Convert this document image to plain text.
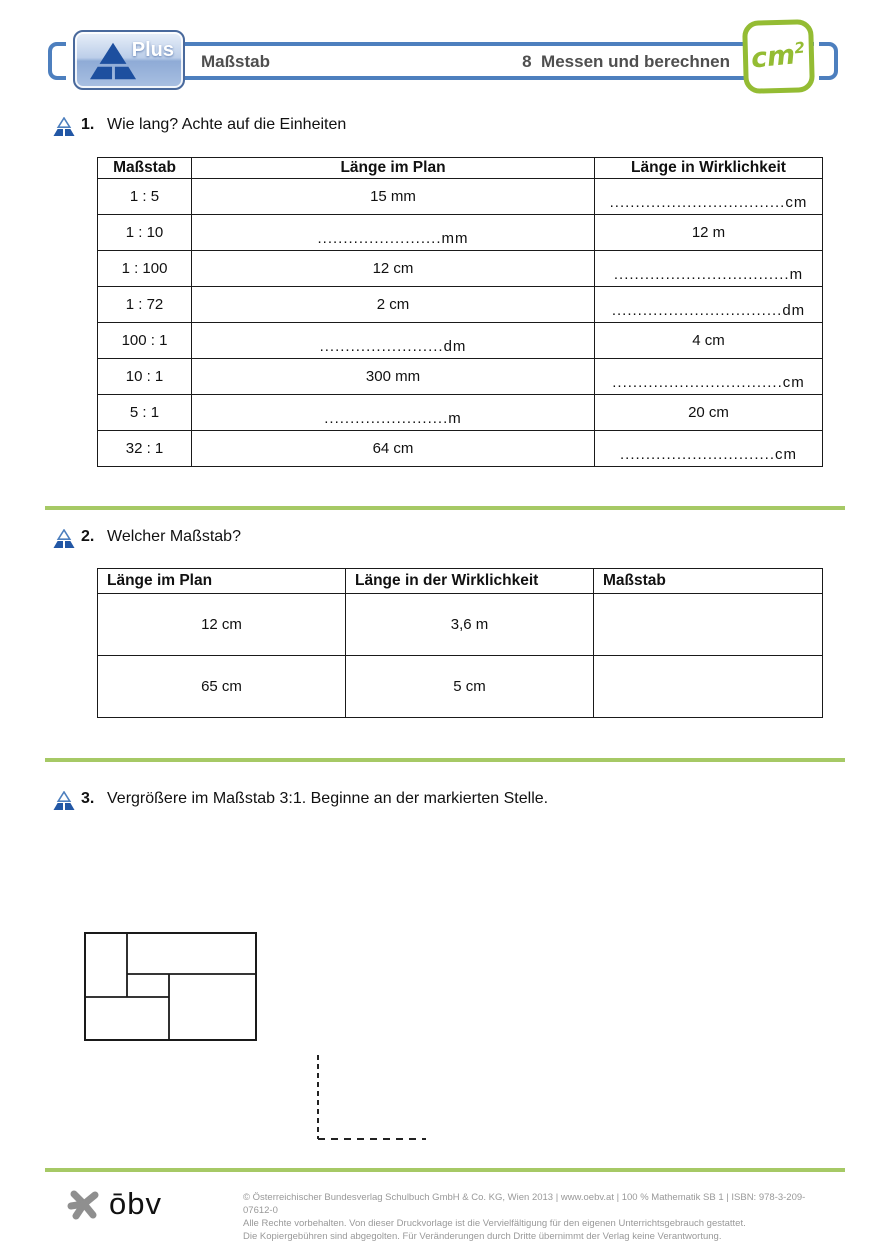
Plus
Maßstab	8  Messen und berechnen $cm^2$
1. Wie lang? Achte auf die Einheiten
Maßstab	Länge im Plan	Länge in Wirklichkeit
1 : 5	15 mm	..................................cm
1 : 10	........................mm	12 m
1 : 100	12 cm	..................................m
1 : 72	2 cm	.................................dm
100 : 1	........................dm	4 cm
10 : 1	300 mm	.................................cm
5 : 1	........................m	20 cm
32 : 1	64 cm	..............................cm
2. Welcher Maßstab?
Länge im Plan	Länge in der Wirklichkeit	Maßstab
12 cm	3,6 m	
65 cm	5 cm	
3. Vergrößere im Maßstab 3:1. Beginne an der markierten Stelle.
ōbv	© Österreichischer Bundesverlag Schulbuch GmbH & Co. KG, Wien 2013 | www.oebv.at | 100 % Mathematik SB 1 | ISBN: 978-3-209-07612-0
Alle Rechte vorbehalten. Von dieser Druckvorlage ist die Vervielfältigung für den eigenen Unterrichtsgebrauch gestattet.
Die Kopiergebühren sind abgegolten. Für Veränderungen durch Dritte übernimmt der Verlag keine Verantwortung.
